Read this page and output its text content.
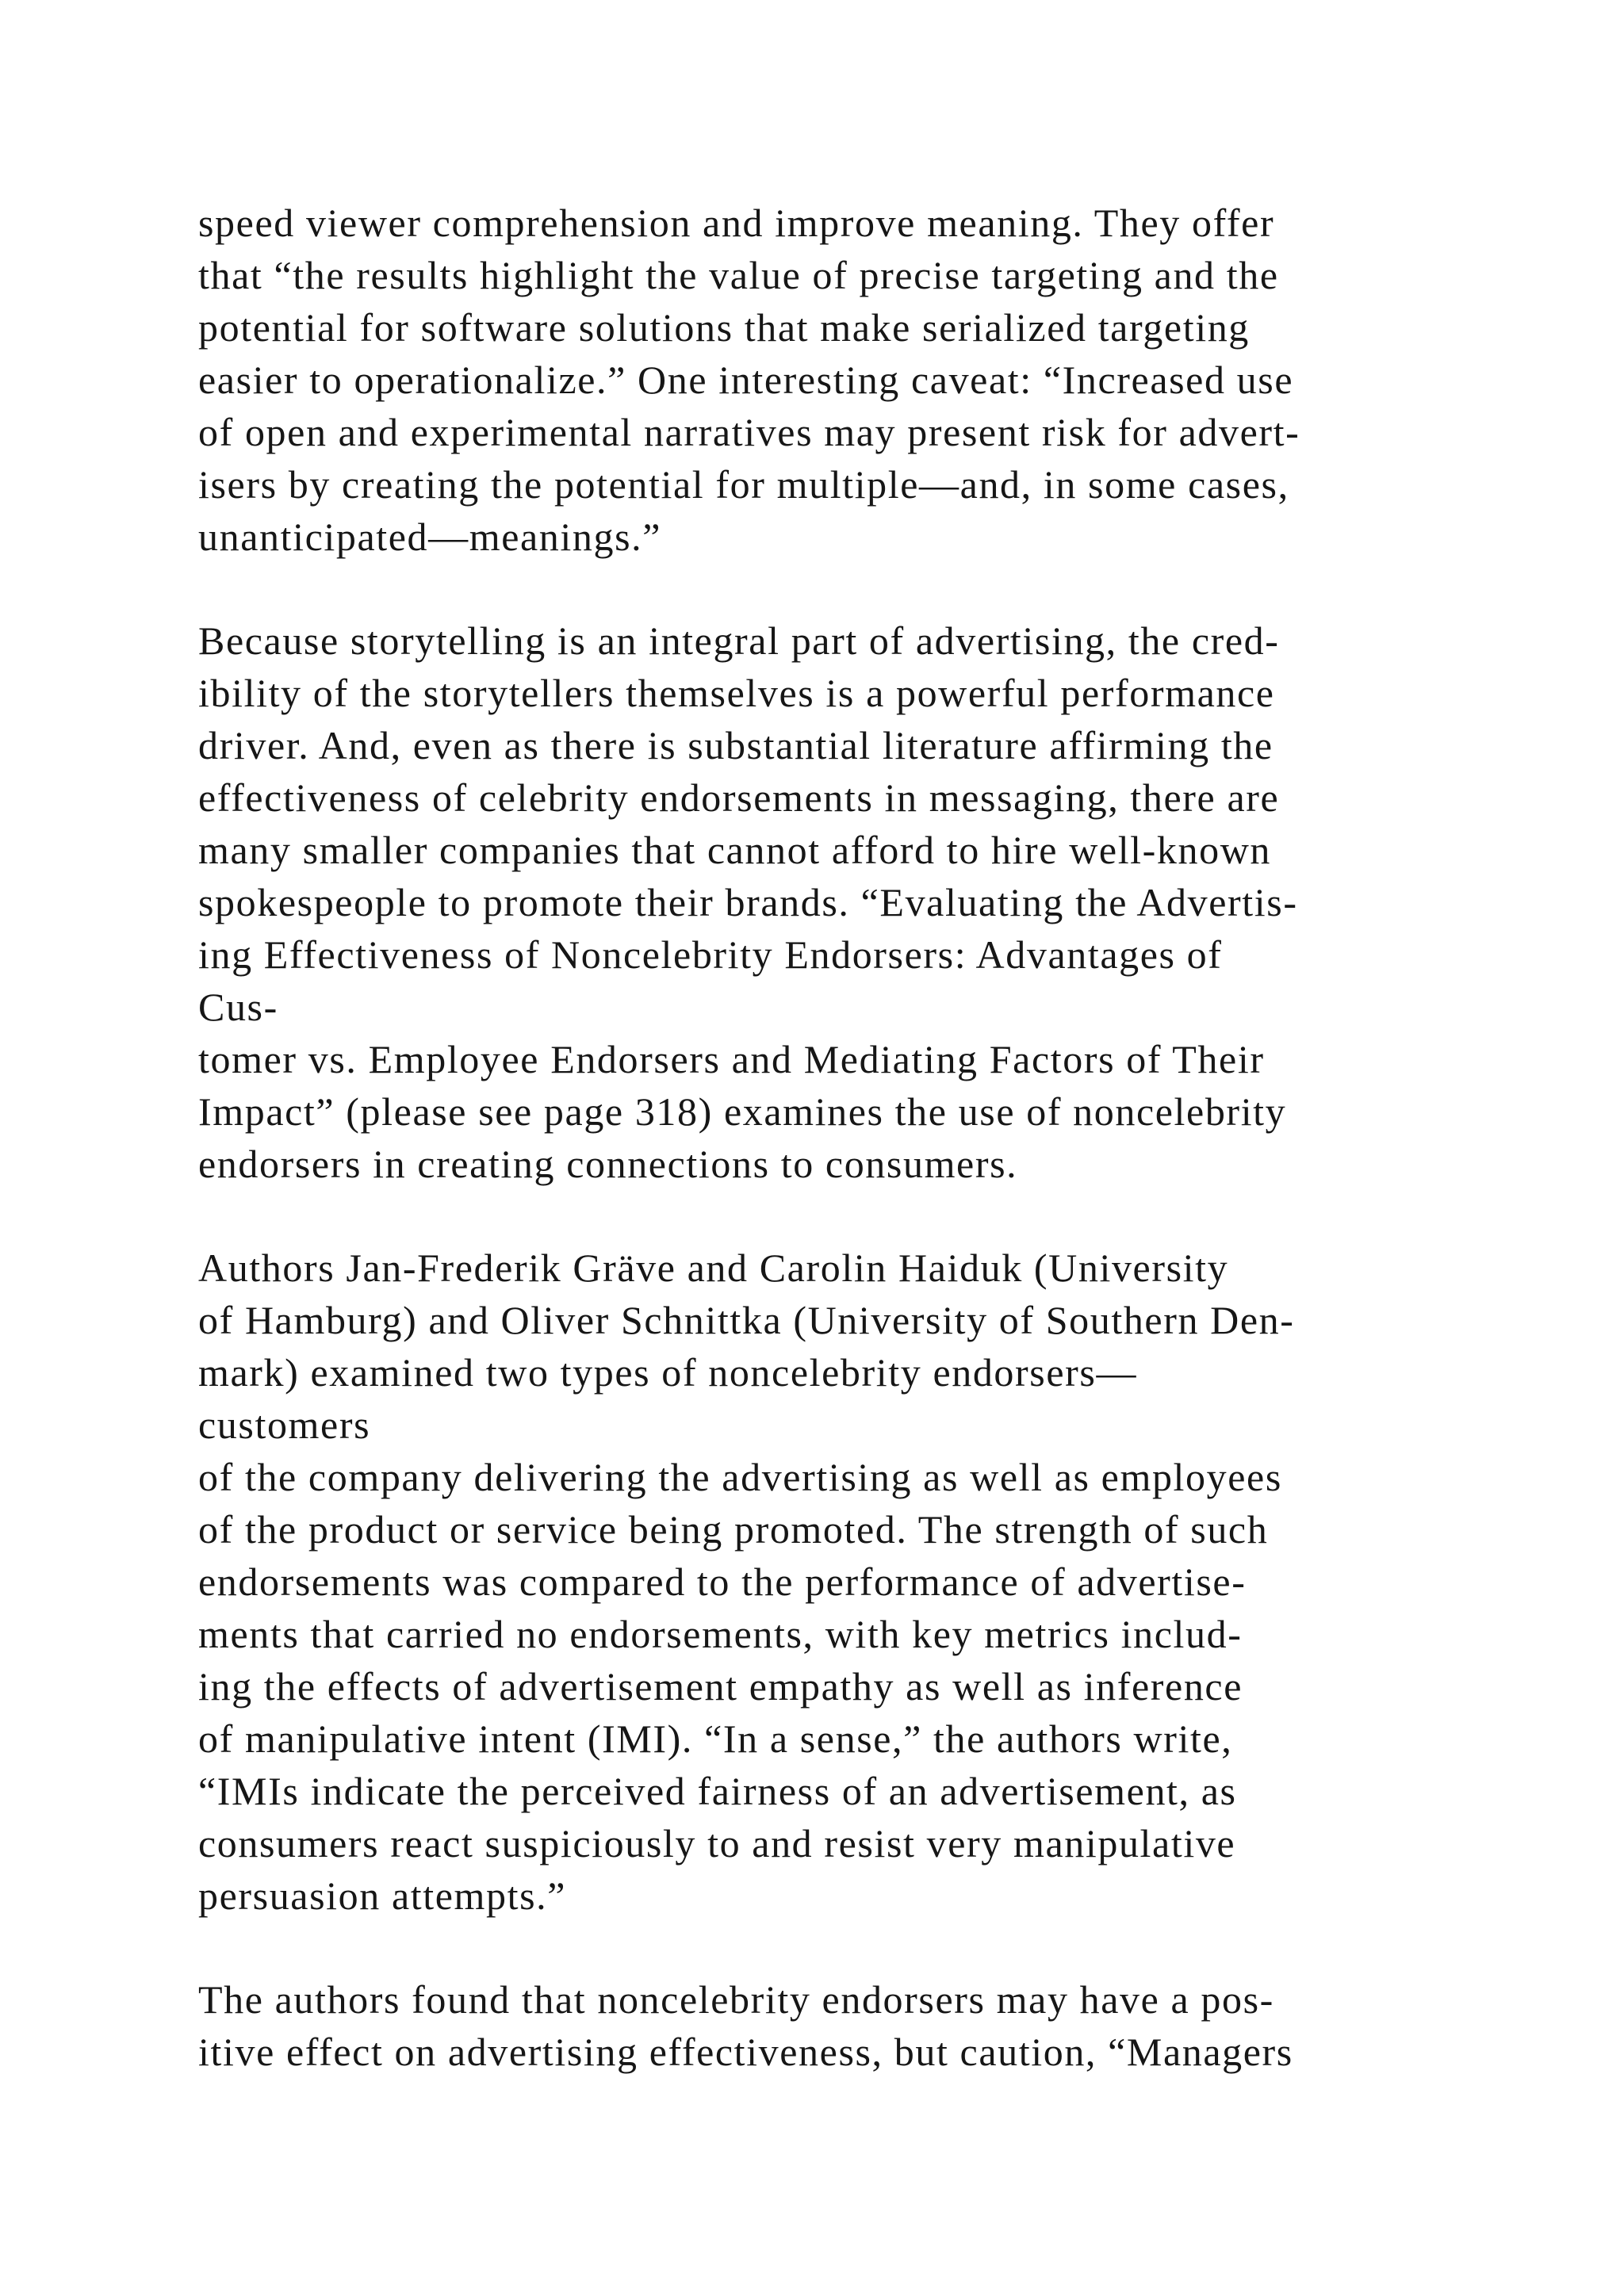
speed viewer comprehension and improve meaning. They offer
that “the results highlight the value of precise targeting and the
potential for software solutions that make serialized targeting
easier to operationalize.” One interesting caveat: “Increased use
of open and experimental narratives may present risk for advert-
isers by creating the potential for multiple—and, in some cases,
unanticipated—meanings.”

Because storytelling is an integral part of advertising, the cred-
ibility of the storytellers themselves is a powerful performance
driver. And, even as there is substantial literature affirming the
effectiveness of celebrity endorsements in messaging, there are
many smaller companies that cannot afford to hire well-known
spokespeople to promote their brands. “Evaluating the Advertis-
ing Effectiveness of Noncelebrity Endorsers: Advantages of
Cus-
tomer vs. Employee Endorsers and Mediating Factors of Their
Impact” (please see page 318) examines the use of noncelebrity
endorsers in creating connections to consumers.

Authors Jan-Frederik Gräve and Carolin Haiduk (University
of Hamburg) and Oliver Schnittka (University of Southern Den-
mark) examined two types of noncelebrity endorsers—
customers
of the company delivering the advertising as well as employees
of the product or service being promoted. The strength of such
endorsements was compared to the performance of advertise-
ments that carried no endorsements, with key metrics includ-
ing the effects of advertisement empathy as well as inference
of manipulative intent (IMI). “In a sense,” the authors write,
“IMIs indicate the perceived fairness of an advertisement, as
consumers react suspiciously to and resist very manipulative
persuasion attempts.”

The authors found that noncelebrity endorsers may have a pos-
itive effect on advertising effectiveness, but caution, “Managers
